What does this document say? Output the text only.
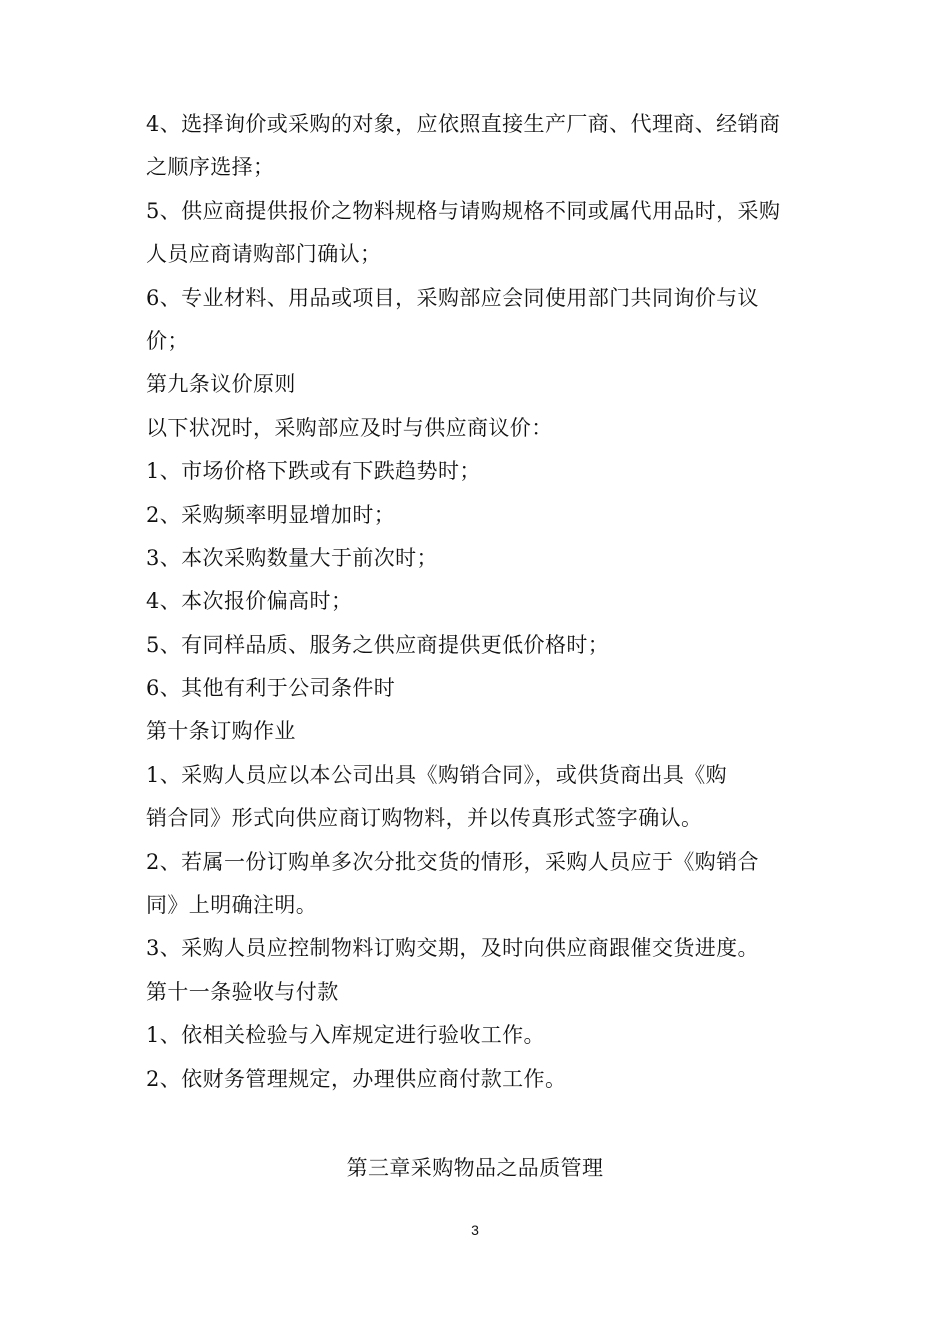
4、选择询价或采购的对象，应依照直接生产厂商、代理商、经销商
之顺序选择；
5、供应商提供报价之物料规格与请购规格不同或属代用品时，采购
人员应商请购部门确认；
6、专业材料、用品或项目，采购部应会同使用部门共同询价与议
价；
第九条议价原则
以下状况时，采购部应及时与供应商议价：
1、市场价格下跌或有下跌趋势时；
2、采购频率明显增加时；
3、本次采购数量大于前次时；
4、本次报价偏高时；
5、有同样品质、服务之供应商提供更低价格时；
6、其他有利于公司条件时
第十条订购作业
1、采购人员应以本公司出具《购销合同》，或供货商出具《购
销合同》形式向供应商订购物料，并以传真形式签字确认。
2、若属一份订购单多次分批交货的情形，采购人员应于《购销合
同》上明确注明。
3、采购人员应控制物料订购交期，及时向供应商跟催交货进度。
第十一条验收与付款
1、依相关检验与入库规定进行验收工作。
2、依财务管理规定，办理供应商付款工作。
第三章采购物品之品质管理
3
